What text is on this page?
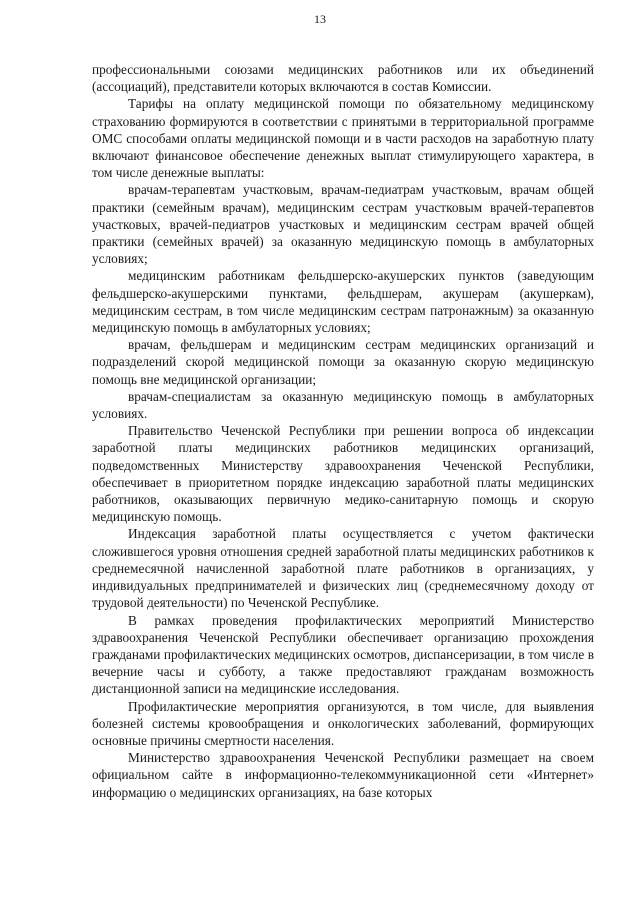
13

профессиональными союзами медицинских работников или их объединений (ассоциаций), представители которых включаются в состав Комиссии.

Тарифы на оплату медицинской помощи по обязательному медицинскому страхованию формируются в соответствии с принятыми в территориальной программе ОМС способами оплаты медицинской помощи и в части расходов на заработную плату включают финансовое обеспечение денежных выплат стимулирующего характера, в том числе денежные выплаты:

врачам-терапевтам участковым, врачам-педиатрам участковым, врачам общей практики (семейным врачам), медицинским сестрам участковым врачей-терапевтов участковых, врачей-педиатров участковых и медицинским сестрам врачей общей практики (семейных врачей) за оказанную медицинскую помощь в амбулаторных условиях;

медицинским работникам фельдшерско-акушерских пунктов (заведующим фельдшерско-акушерскими пунктами, фельдшерам, акушерам (акушеркам), медицинским сестрам, в том числе медицинским сестрам патронажным) за оказанную медицинскую помощь в амбулаторных условиях;

врачам, фельдшерам и медицинским сестрам медицинских организаций и подразделений скорой медицинской помощи за оказанную скорую медицинскую помощь вне медицинской организации;

врачам-специалистам за оказанную медицинскую помощь в амбулаторных условиях.

Правительство Чеченской Республики при решении вопроса об индексации заработной платы медицинских работников медицинских организаций, подведомственных Министерству здравоохранения Чеченской Республики, обеспечивает в приоритетном порядке индексацию заработной платы медицинских работников, оказывающих первичную медико-санитарную помощь и скорую медицинскую помощь.

Индексация заработной платы осуществляется с учетом фактически сложившегося уровня отношения средней заработной платы медицинских работников к среднемесячной начисленной заработной плате работников в организациях, у индивидуальных предпринимателей и физических лиц (среднемесячному доходу от трудовой деятельности) по Чеченской Республике.

В рамках проведения профилактических мероприятий Министерство здравоохранения Чеченской Республики обеспечивает организацию прохождения гражданами профилактических медицинских осмотров, диспансеризации, в том числе в вечерние часы и субботу, а также предоставляют гражданам возможность дистанционной записи на медицинские исследования.

Профилактические мероприятия организуются, в том числе, для выявления болезней системы кровообращения и онкологических заболеваний, формирующих основные причины смертности населения.

Министерство здравоохранения Чеченской Республики размещает на своем официальном сайте в информационно-телекоммуникационной сети «Интернет» информацию о медицинских организациях, на базе которых
